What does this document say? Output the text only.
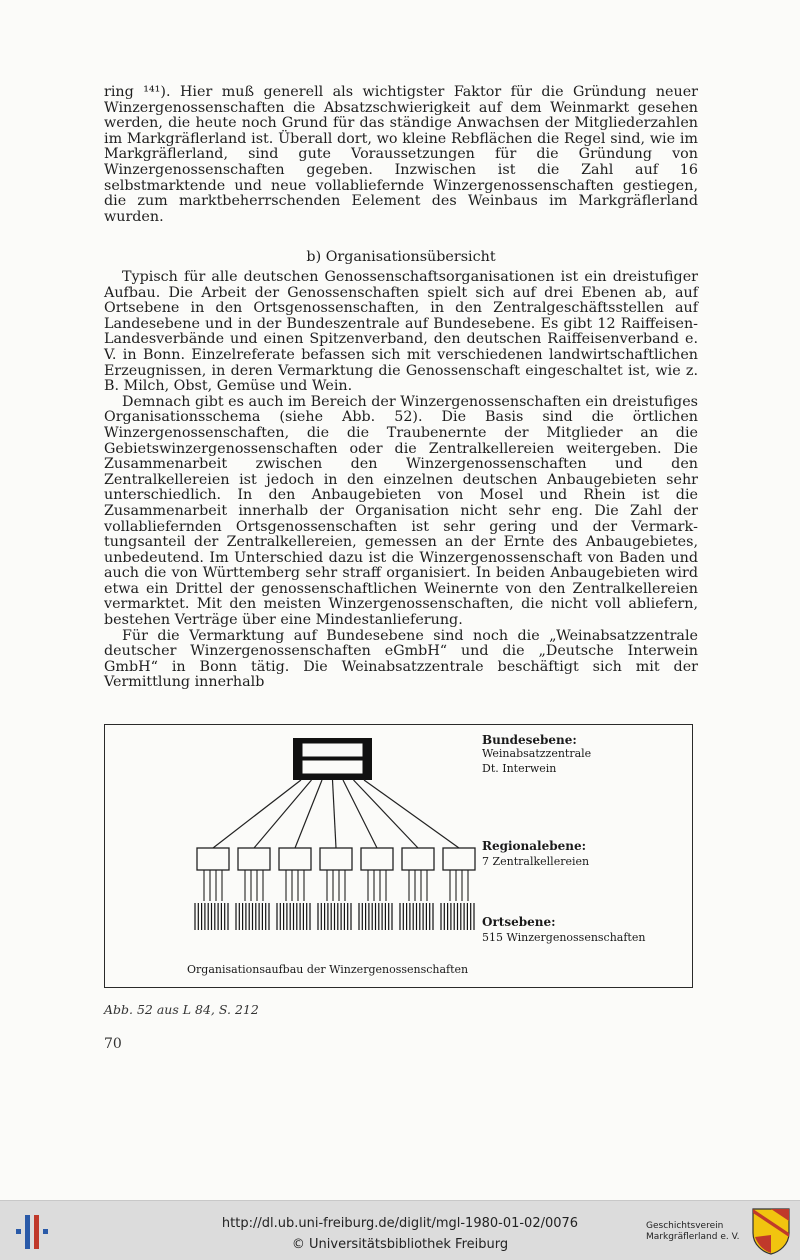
ring ¹⁴¹). Hier muß generell als wichtigster Faktor für die Gründung neuer Winzergenossenschaften die Absatzschwierigkeit auf dem Weinmarkt gesehen werden, die heute noch Grund für das ständige Anwachsen der Mitgliederzahlen im Markgräflerland ist. Überall dort, wo kleine Rebflächen die Regel sind, wie im Markgräflerland, sind gute Voraussetzungen für die Gründung von Winzergenossenschaften gegeben. Inzwischen ist die Zahl auf 16 selbstmarktende und neue vollabliefernde Winzergenossenschaften gestiegen, die zum marktbeherrschenden Eelement des Weinbaus im Markgräflerland wurden.

b) Organisationsübersicht

Typisch für alle deutschen Genossenschaftsorganisationen ist ein dreistufiger Aufbau. Die Arbeit der Genossenschaften spielt sich auf drei Ebenen ab, auf Ortsebene in den Ortsgenossenschaften, in den Zentralgeschäftsstellen auf Landesebene und in der Bundeszentrale auf Bundesebene. Es gibt 12 Raiffeisen-Landesverbände und einen Spitzenverband, den deutschen Raiffeisenverband e. V. in Bonn. Einzelreferate befassen sich mit verschiedenen landwirtschaftlichen Erzeugnissen, in deren Vermarktung die Genossenschaft eingeschaltet ist, wie z. B. Milch, Obst, Gemüse und Wein.

Demnach gibt es auch im Bereich der Winzergenossenschaften ein dreistufiges Organisationsschema (siehe Abb. 52). Die Basis sind die örtlichen Winzergenossenschaften, die die Traubenernte der Mitglieder an die Gebietswinzergenossenschaften oder die Zentralkellereien weitergeben. Die Zusammenarbeit zwischen den Winzergenossenschaften und den Zentralkellereien ist jedoch in den einzelnen deutschen Anbaugebieten sehr unterschiedlich. In den Anbaugebieten von Mosel und Rhein ist die Zusammenarbeit innerhalb der Organisation nicht sehr eng. Die Zahl der vollabliefernden Ortsgenossenschaften ist sehr gering und der Vermarktungsanteil der Zentralkellereien, gemessen an der Ernte des Anbaugebietes, unbedeutend. Im Unterschied dazu ist die Winzergenossenschaft von Baden und auch die von Württemberg sehr straff organisiert. In beiden Anbaugebieten wird etwa ein Drittel der genossenschaftlichen Weinernte von den Zentralkellereien vermarktet. Mit den meisten Winzergenossenschaften, die nicht voll abliefern, bestehen Verträge über eine Mindestanlieferung.

Für die Vermarktung auf Bundesebene sind noch die „Weinabsatzzentrale deutscher Winzergenossenschaften eGmbH“ und die „Deutsche Interwein GmbH“ in Bonn tätig. Die Weinabsatzzentrale beschäftigt sich mit der Vermittlung innerhalb

Bundesebene:
Weinabsatzzentrale
Dt. Interwein
Regionalebene:
7 Zentralkellereien
Ortsebene:
515 Winzergenossenschaften
Organisationsaufbau der Winzergenossenschaften
Abb. 52 aus L 84, S. 212
70
http://dl.ub.uni-freiburg.de/diglit/mgl-1980-01-02/0076
© Universitätsbibliothek Freiburg
Geschichtsverein
Markgräflerland e. V.
